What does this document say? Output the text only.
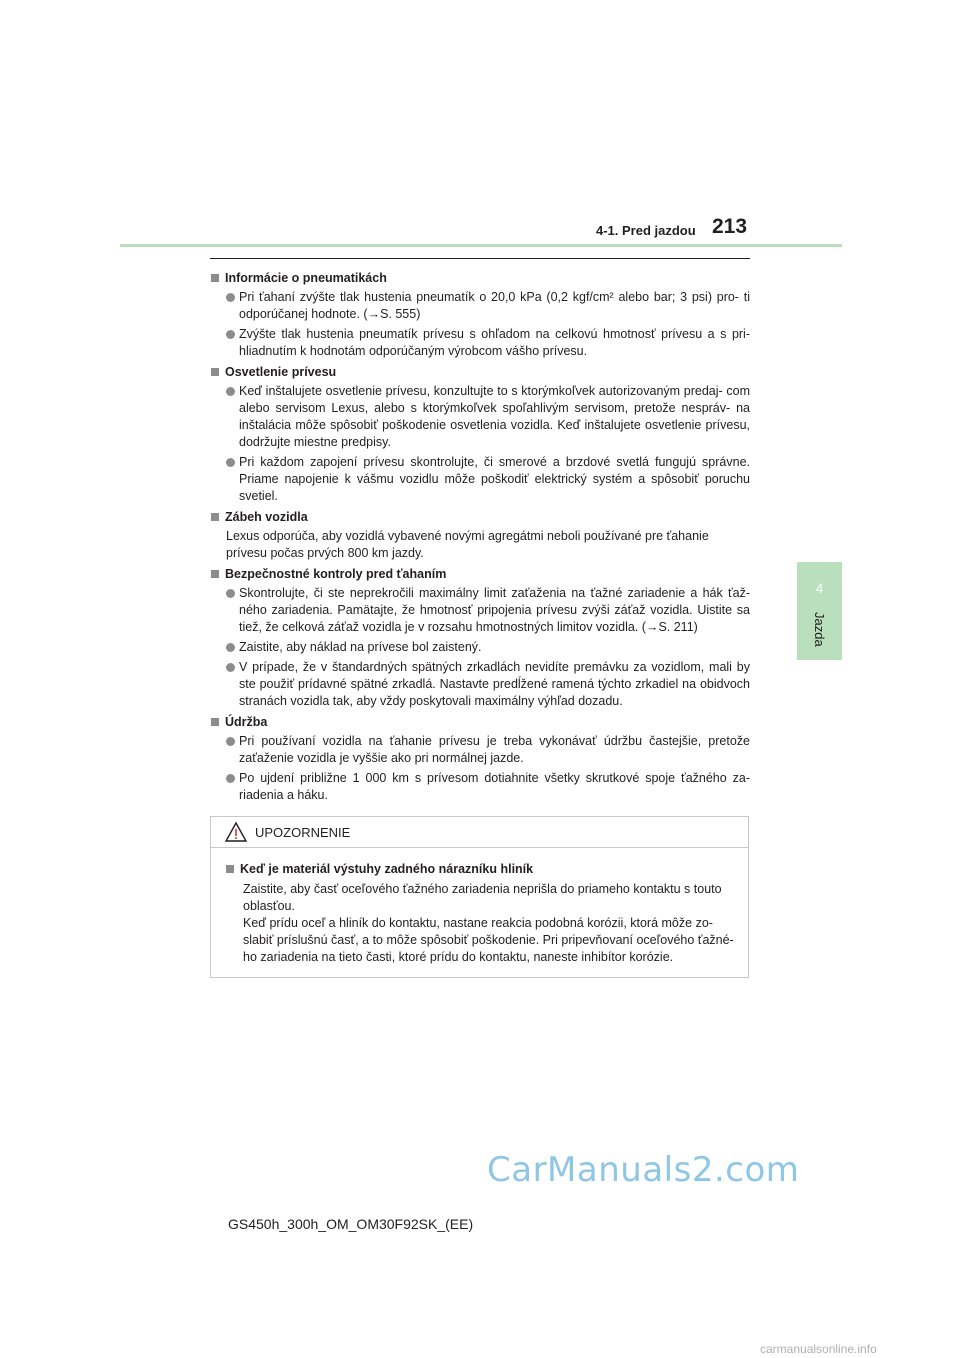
4-1. Pred jazdou 213
4
Jazda
Informácie o pneumatikách
Pri ťahaní zvýšte tlak hustenia pneumatík o 20,0 kPa (0,2 kgf/cm² alebo bar; 3 psi) pro- ti odporúčanej hodnote. (→S. 555)
Zvýšte tlak hustenia pneumatík prívesu s ohľadom na celkovú hmotnosť prívesu a s pri- hliadnutím k hodnotám odporúčaným výrobcom vášho prívesu.
Osvetlenie prívesu
Keď inštalujete osvetlenie prívesu, konzultujte to s ktorýmkoľvek autorizovaným predaj- com alebo servisom Lexus, alebo s ktorýmkoľvek spoľahlivým servisom, pretože nespráv- na inštalácia môže spôsobiť poškodenie osvetlenia vozidla. Keď inštalujete osvetlenie prívesu, dodržujte miestne predpisy.
Pri každom zapojení prívesu skontrolujte, či smerové a brzdové svetlá fungujú správne. Priame napojenie k vášmu vozidlu môže poškodiť elektrický systém a spôsobiť poruchu svetiel.
Zábeh vozidla
Lexus odporúča, aby vozidlá vybavené novými agregátmi neboli používané pre ťahanie prívesu počas prvých 800 km jazdy.
Bezpečnostné kontroly pred ťahaním
Skontrolujte, či ste neprekročili maximálny limit zaťaženia na ťažné zariadenie a hák ťaž- ného zariadenia. Pamätajte, že hmotnosť pripojenia prívesu zvýši záťaž vozidla. Uistite sa tiež, že celková záťaž vozidla je v rozsahu hmotnostných limitov vozidla. (→S. 211)
Zaistite, aby náklad na prívese bol zaistený.
V prípade, že v štandardných spätných zrkadlách nevidíte premávku za vozidlom, mali by ste použiť prídavné spätné zrkadlá. Nastavte predĺžené ramená týchto zrkadiel na obidvoch stranách vozidla tak, aby vždy poskytovali maximálny výhľad dozadu.
Údržba
Pri používaní vozidla na ťahanie prívesu je treba vykonávať údržbu častejšie, pretože zaťaženie vozidla je vyššie ako pri normálnej jazde.
Po ujdení približne 1 000 km s prívesom dotiahnite všetky skrutkové spoje ťažného za- riadenia a háku.
UPOZORNENIE
Keď je materiál výstuhy zadného nárazníku hliník
Zaistite, aby časť oceľového ťažného zariadenia neprišla do priameho kontaktu s touto oblasťou.
Keď prídu oceľ a hliník do kontaktu, nastane reakcia podobná korózii, ktorá môže zo- slabiť príslušnú časť, a to môže spôsobiť poškodenie. Pri pripevňovaní oceľového ťažné- ho zariadenia na tieto časti, ktoré prídu do kontaktu, naneste inhibítor korózie.
CarManuals2.com
GS450h_300h_OM_OM30F92SK_(EE)
carmanualsonline.info
